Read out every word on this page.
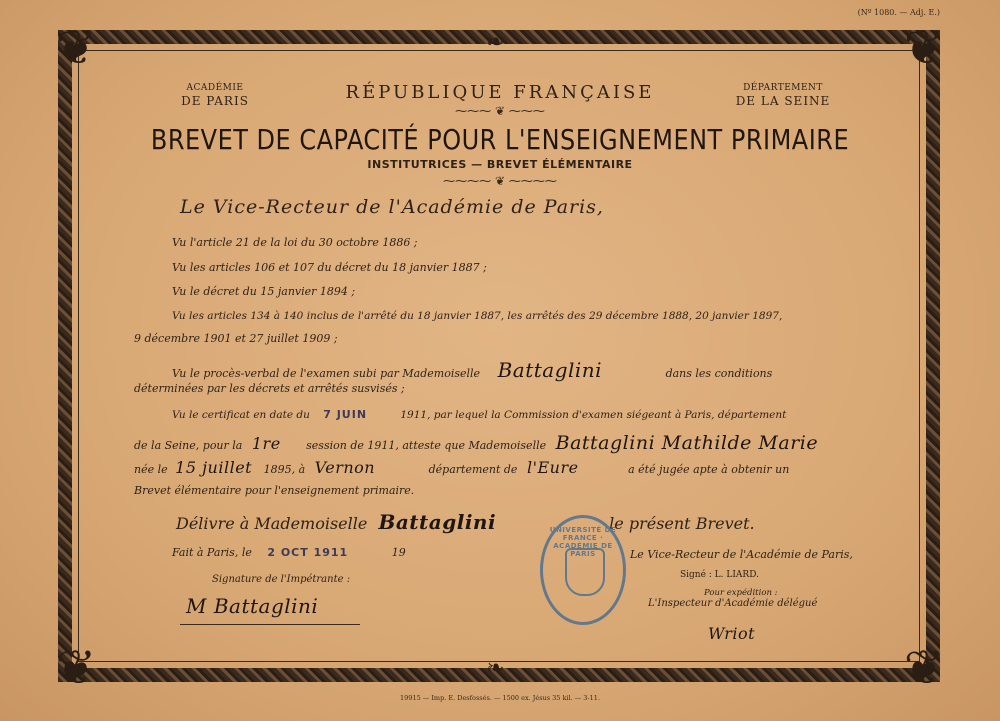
❦	❦
❦	❦
❧
❧
(Nº 1080. — Adj. E.)
ACADÉMIE
DE PARIS	RÉPUBLIQUE FRANÇAISE
⁓⁓⁓ ❦ ⁓⁓⁓
DÉPARTEMENT
DE LA SEINE
BREVET DE CAPACITÉ POUR L'ENSEIGNEMENT PRIMAIRE
INSTITUTRICES — BREVET ÉLÉMENTAIRE
⁓⁓⁓⁓ ❦ ⁓⁓⁓⁓
Le Vice-Recteur de l'Académie de Paris,
Vu l'article 21 de la loi du 30 octobre 1886 ;
Vu les articles 106 et 107 du décret du 18 janvier 1887 ;
Vu le décret du 15 janvier 1894 ;
Vu les articles 134 à 140 inclus de l'arrêté du 18 janvier 1887, les arrêtés des 29 décembre 1888, 20 janvier 1897,
9 décembre 1901 et 27 juillet 1909 ;
Vu le procès-verbal de l'examen subi par Mademoiselle Battaglini	dans les conditions
déterminées par les décrets et arrêtés susvisés ;
Vu le certificat en date du 7 JUIN	1911, par lequel la Commission d'examen siégeant à Paris, département
de la Seine, pour la 1re session de 1911, atteste que Mademoiselle Battaglini Mathilde Marie
née le 15 juillet 1895, à Vernon	département de l'Eure	a été jugée apte à obtenir un
Brevet élémentaire pour l'enseignement primaire.
Délivre à Mademoiselle Battaglini	le présent Brevet.
Fait à Paris, le 2 OCT 1911	19
UNIVERSITÉ DE FRANCE · ACADÉMIE DE PARIS	Le Vice-Recteur de l'Académie de Paris,
Signé : L. LIARD.
Pour expédition :
L'Inspecteur d'Académie délégué
Wriot
Signature de l'Impétrante :
M Battaglini
19915 — Imp. E. Desfossés. — 1500 ex. Jésus 35 kil. — 3-11.
